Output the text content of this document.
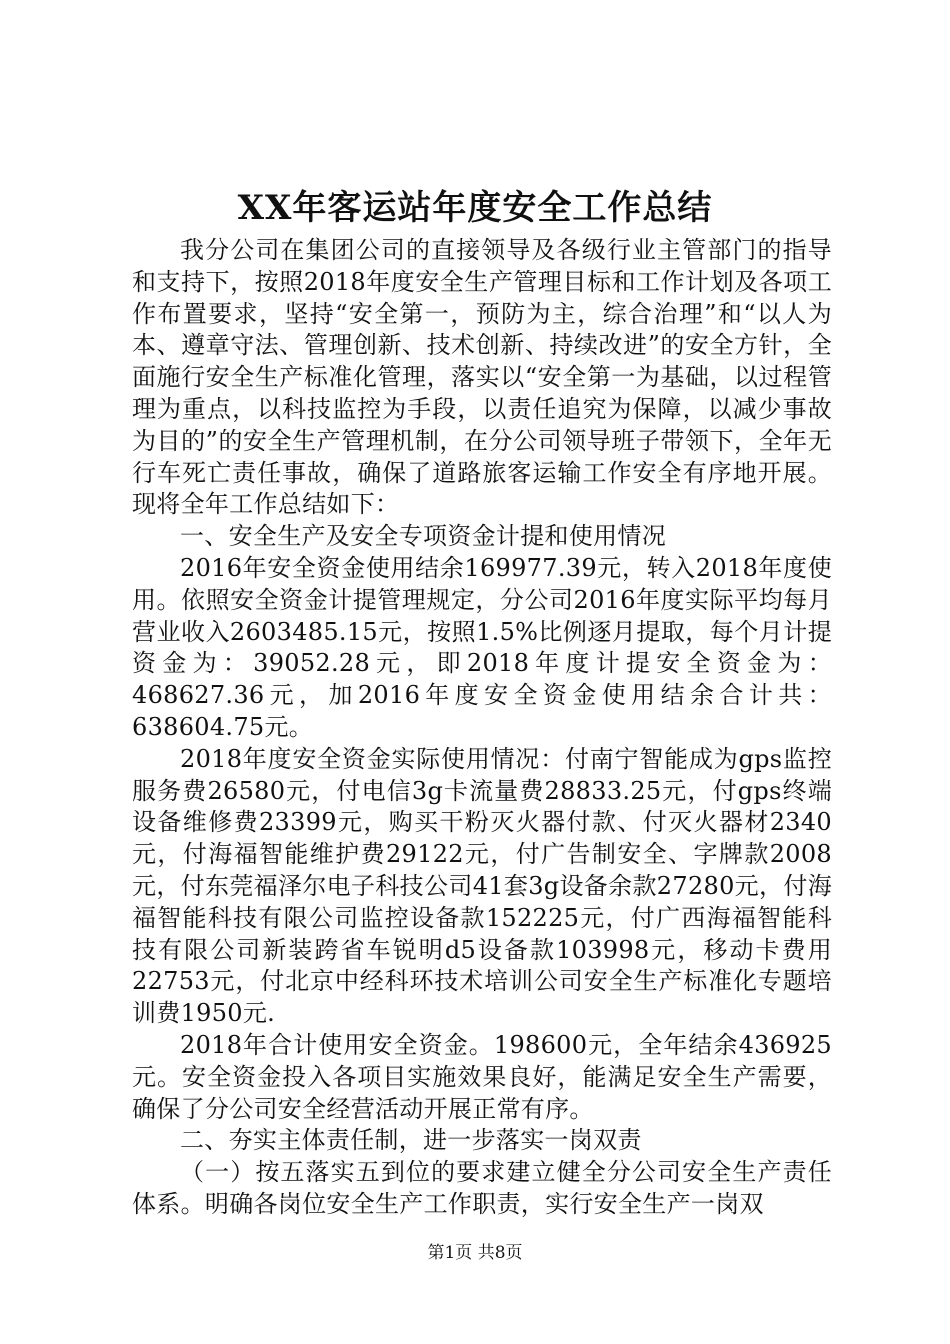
XX年客运站年度安全工作总结

我分公司在集团公司的直接领导及各级行业主管部门的指导和支持下，按照2018年度安全生产管理目标和工作计划及各项工作布置要求，坚持“安全第一，预防为主，综合治理”和“以人为本、遵章守法、管理创新、技术创新、持续改进”的安全方针，全面施行安全生产标准化管理，落实以“安全第一为基础，以过程管理为重点，以科技监控为手段，以责任追究为保障，以减少事故为目的”的安全生产管理机制，在分公司领导班子带领下，全年无行车死亡责任事故，确保了道路旅客运输工作安全有序地开展。现将全年工作总结如下：

一、安全生产及安全专项资金计提和使用情况

2016年安全资金使用结余169977.39元，转入2018年度使用。依照安全资金计提管理规定，分公司2016年度实际平均每月营业收入2603485.15元，按照1.5%比例逐月提取，每个月计提资金为：39052.28元，即2018年度计提安全资金为：468627.36元，加2016年度安全资金使用结余合计共：638604.75元。

2018年度安全资金实际使用情况：付南宁智能成为gps监控服务费26580元，付电信3g卡流量费28833.25元，付gps终端设备维修费23399元，购买干粉灭火器付款、付灭火器材2340元，付海福智能维护费29122元，付广告制安全、字牌款2008元，付东莞福泽尔电子科技公司41套3g设备余款27280元，付海福智能科技有限公司监控设备款152225元，付广西海福智能科技有限公司新装跨省车锐明d5设备款103998元，移动卡费用22753元，付北京中经科环技术培训公司安全生产标准化专题培训费1950元.

2018年合计使用安全资金。198600元，全年结余436925元。安全资金投入各项目实施效果良好，能满足安全生产需要，确保了分公司安全经营活动开展正常有序。

二、夯实主体责任制，进一步落实一岗双责

（一）按五落实五到位的要求建立健全分公司安全生产责任体系。明确各岗位安全生产工作职责，实行安全生产一岗双

第1页 共8页
